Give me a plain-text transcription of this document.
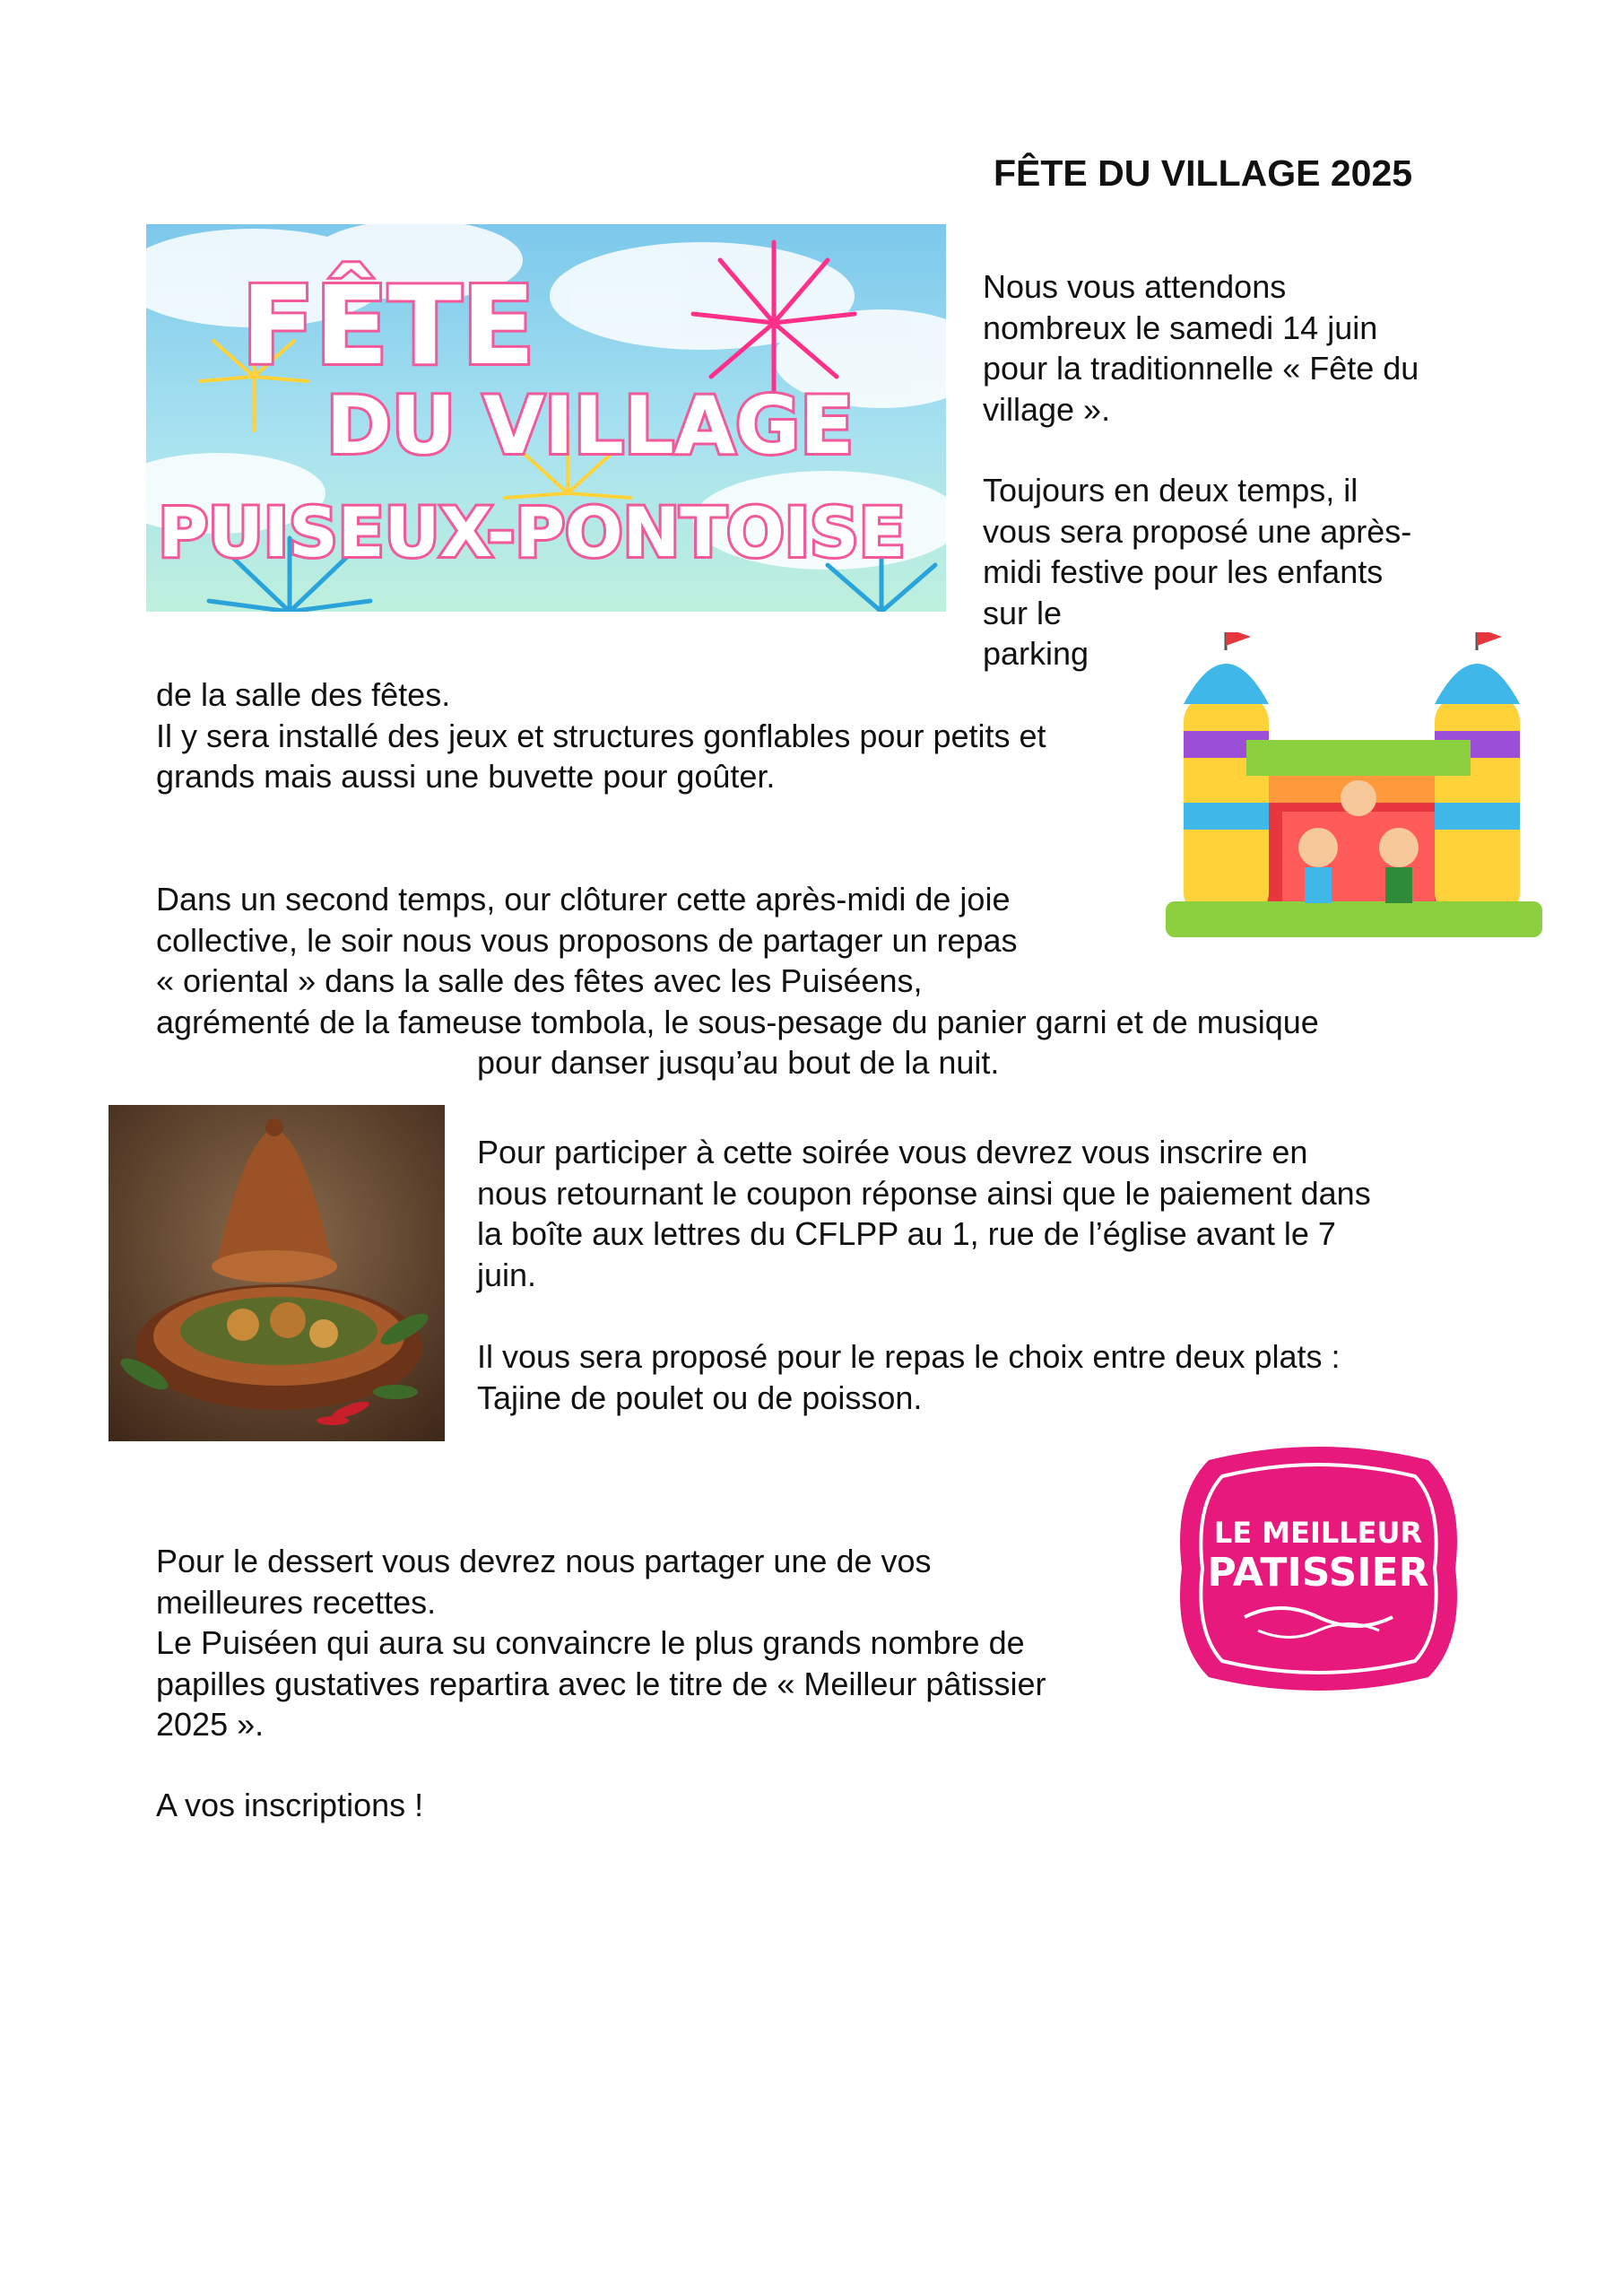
FÊTE DU VILLAGE 2025
FÊTE
DU VILLAGE
PUISEUX-PONTOISE

Nous vous attendons
nombreux le samedi 14 juin
pour la traditionnelle « Fête du
village ».

Toujours en deux temps, il
vous sera proposé une après-
midi festive pour les enfants
sur le
parking

de la salle des fêtes.
Il y sera installé des jeux et structures gonflables pour petits et
grands mais aussi une buvette pour goûter.

Dans un second temps, our clôturer cette après-midi de joie
collective, le soir nous vous proposons de partager un repas
« oriental » dans la salle des fêtes avec les Puiséens,
agrémenté de la fameuse tombola, le sous-pesage du panier garni et de musique

pour danser jusqu’au bout de la nuit.

Pour participer à cette soirée vous devrez vous inscrire en
nous retournant le coupon réponse ainsi que le paiement dans
la boîte aux lettres du CFLPP au 1, rue de l’église avant le 7
juin.

Il vous sera proposé pour le repas le choix entre deux plats :
Tajine de poulet ou de poisson.

LE MEILLEUR
PATISSIER

Pour le dessert vous devrez nous partager une de vos
meilleures recettes.
Le Puiséen qui aura su convaincre le plus grands nombre de
papilles gustatives repartira avec le titre de « Meilleur pâtissier
2025 ».

A vos inscriptions !
